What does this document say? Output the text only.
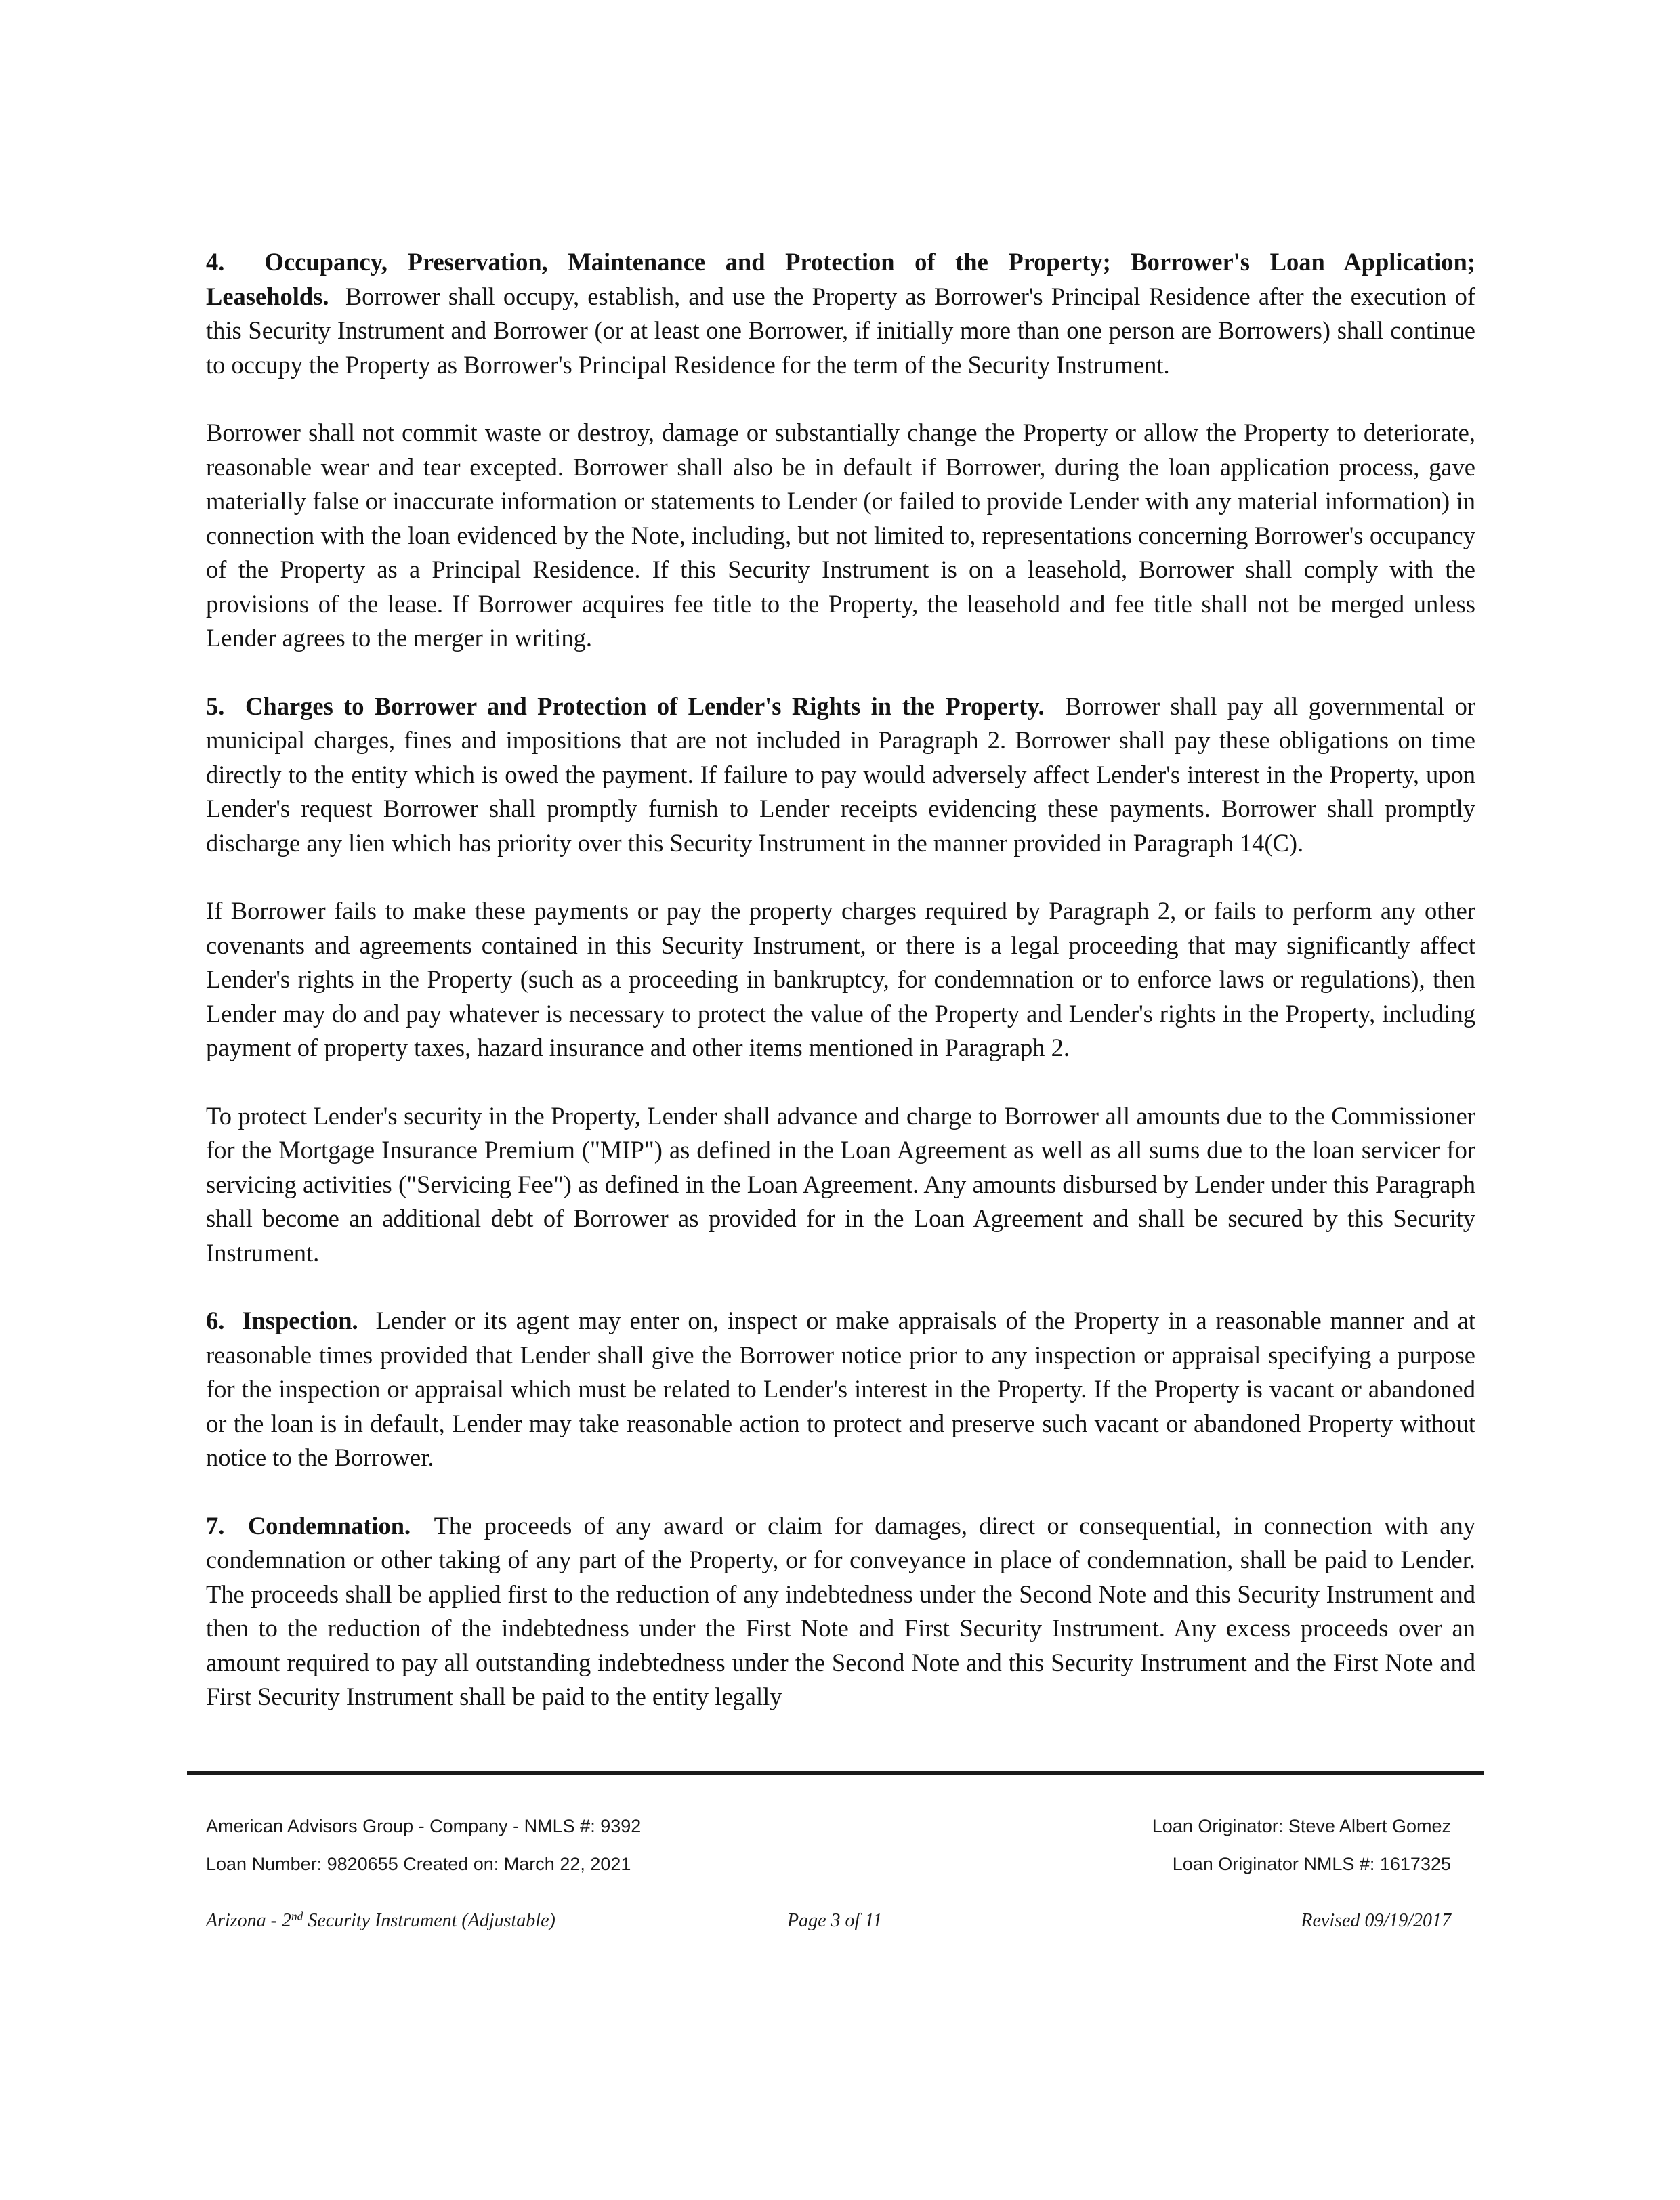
4. Occupancy, Preservation, Maintenance and Protection of the Property; Borrower's Loan Application; Leaseholds. Borrower shall occupy, establish, and use the Property as Borrower's Principal Residence after the execution of this Security Instrument and Borrower (or at least one Borrower, if initially more than one person are Borrowers) shall continue to occupy the Property as Borrower's Principal Residence for the term of the Security Instrument.

Borrower shall not commit waste or destroy, damage or substantially change the Property or allow the Property to deteriorate, reasonable wear and tear excepted. Borrower shall also be in default if Borrower, during the loan application process, gave materially false or inaccurate information or statements to Lender (or failed to provide Lender with any material information) in connection with the loan evidenced by the Note, including, but not limited to, representations concerning Borrower's occupancy of the Property as a Principal Residence. If this Security Instrument is on a leasehold, Borrower shall comply with the provisions of the lease. If Borrower acquires fee title to the Property, the leasehold and fee title shall not be merged unless Lender agrees to the merger in writing.

5. Charges to Borrower and Protection of Lender's Rights in the Property. Borrower shall pay all governmental or municipal charges, fines and impositions that are not included in Paragraph 2. Borrower shall pay these obligations on time directly to the entity which is owed the payment. If failure to pay would adversely affect Lender's interest in the Property, upon Lender's request Borrower shall promptly furnish to Lender receipts evidencing these payments. Borrower shall promptly discharge any lien which has priority over this Security Instrument in the manner provided in Paragraph 14(C).

If Borrower fails to make these payments or pay the property charges required by Paragraph 2, or fails to perform any other covenants and agreements contained in this Security Instrument, or there is a legal proceeding that may significantly affect Lender's rights in the Property (such as a proceeding in bankruptcy, for condemnation or to enforce laws or regulations), then Lender may do and pay whatever is necessary to protect the value of the Property and Lender's rights in the Property, including payment of property taxes, hazard insurance and other items mentioned in Paragraph 2.

To protect Lender's security in the Property, Lender shall advance and charge to Borrower all amounts due to the Commissioner for the Mortgage Insurance Premium ("MIP") as defined in the Loan Agreement as well as all sums due to the loan servicer for servicing activities ("Servicing Fee") as defined in the Loan Agreement. Any amounts disbursed by Lender under this Paragraph shall become an additional debt of Borrower as provided for in the Loan Agreement and shall be secured by this Security Instrument.

6. Inspection. Lender or its agent may enter on, inspect or make appraisals of the Property in a reasonable manner and at reasonable times provided that Lender shall give the Borrower notice prior to any inspection or appraisal specifying a purpose for the inspection or appraisal which must be related to Lender's interest in the Property. If the Property is vacant or abandoned or the loan is in default, Lender may take reasonable action to protect and preserve such vacant or abandoned Property without notice to the Borrower.

7. Condemnation. The proceeds of any award or claim for damages, direct or consequential, in connection with any condemnation or other taking of any part of the Property, or for conveyance in place of condemnation, shall be paid to Lender. The proceeds shall be applied first to the reduction of any indebtedness under the Second Note and this Security Instrument and then to the reduction of the indebtedness under the First Note and First Security Instrument. Any excess proceeds over an amount required to pay all outstanding indebtedness under the Second Note and this Security Instrument and the First Note and First Security Instrument shall be paid to the entity legally

American Advisors Group - Company - NMLS #: 9392
Loan Number: 9820655 Created on: March 22, 2021
Loan Originator: Steve Albert Gomez
Loan Originator NMLS #: 1617325
Arizona - 2nd Security Instrument (Adjustable)	Page 3 of 11	Revised 09/19/2017
